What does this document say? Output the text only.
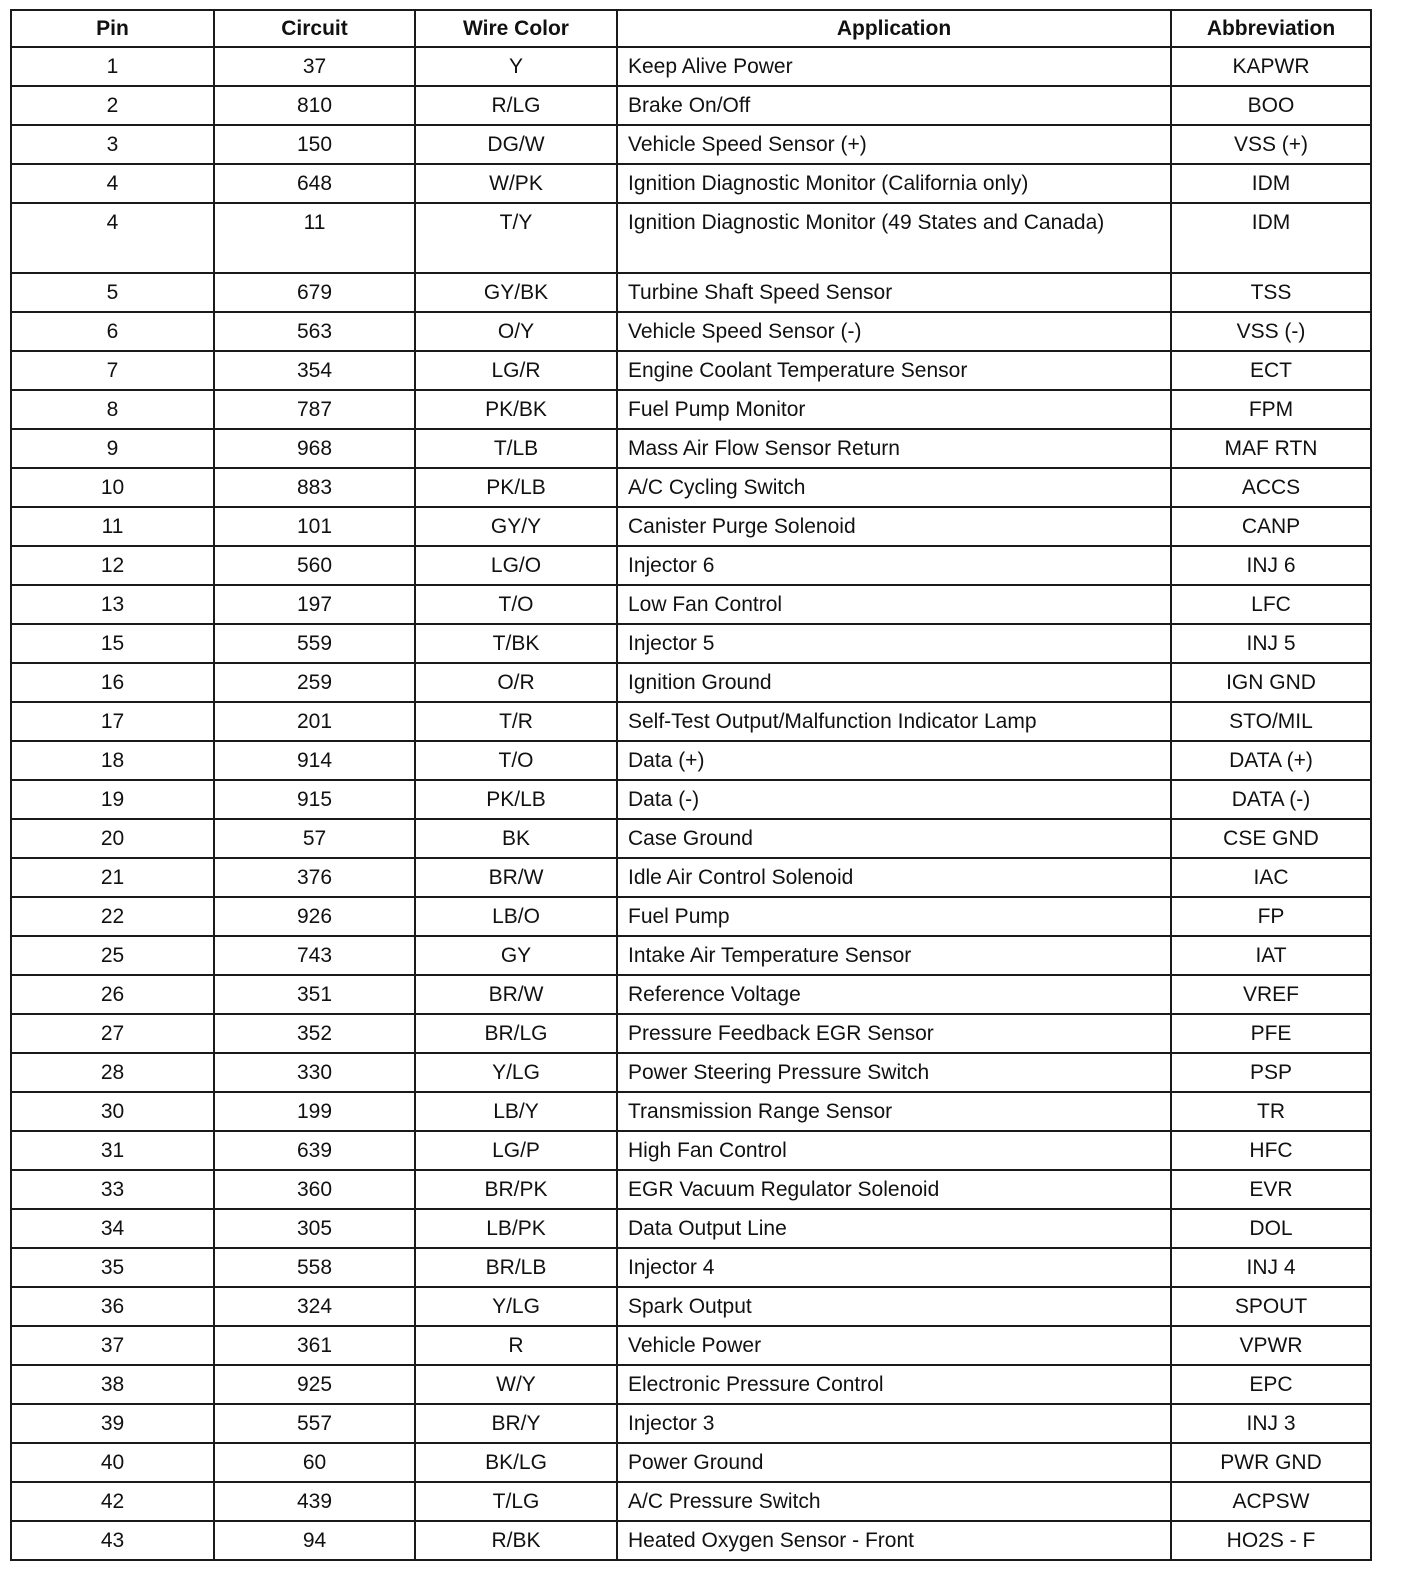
Pin	Circuit	Wire Color	Application	Abbreviation
1	37	Y	Keep Alive Power	KAPWR
2	810	R/LG	Brake On/Off	BOO
3	150	DG/W	Vehicle Speed Sensor (+)	VSS (+)
4	648	W/PK	Ignition Diagnostic Monitor (California only)	IDM
4	11	T/Y	Ignition Diagnostic Monitor (49 States and Canada)	IDM
5	679	GY/BK	Turbine Shaft Speed Sensor	TSS
6	563	O/Y	Vehicle Speed Sensor (-)	VSS (-)
7	354	LG/R	Engine Coolant Temperature Sensor	ECT
8	787	PK/BK	Fuel Pump Monitor	FPM
9	968	T/LB	Mass Air Flow Sensor Return	MAF RTN
10	883	PK/LB	A/C Cycling Switch	ACCS
11	101	GY/Y	Canister Purge Solenoid	CANP
12	560	LG/O	Injector 6	INJ 6
13	197	T/O	Low Fan Control	LFC
15	559	T/BK	Injector 5	INJ 5
16	259	O/R	Ignition Ground	IGN GND
17	201	T/R	Self-Test Output/Malfunction Indicator Lamp	STO/MIL
18	914	T/O	Data (+)	DATA (+)
19	915	PK/LB	Data (-)	DATA (-)
20	57	BK	Case Ground	CSE GND
21	376	BR/W	Idle Air Control Solenoid	IAC
22	926	LB/O	Fuel Pump	FP
25	743	GY	Intake Air Temperature Sensor	IAT
26	351	BR/W	Reference Voltage	VREF
27	352	BR/LG	Pressure Feedback EGR Sensor	PFE
28	330	Y/LG	Power Steering Pressure Switch	PSP
30	199	LB/Y	Transmission Range Sensor	TR
31	639	LG/P	High Fan Control	HFC
33	360	BR/PK	EGR Vacuum Regulator Solenoid	EVR
34	305	LB/PK	Data Output Line	DOL
35	558	BR/LB	Injector 4	INJ 4
36	324	Y/LG	Spark Output	SPOUT
37	361	R	Vehicle Power	VPWR
38	925	W/Y	Electronic Pressure Control	EPC
39	557	BR/Y	Injector 3	INJ 3
40	60	BK/LG	Power Ground	PWR GND
42	439	T/LG	A/C Pressure Switch	ACPSW
43	94	R/BK	Heated Oxygen Sensor - Front	HO2S - F
